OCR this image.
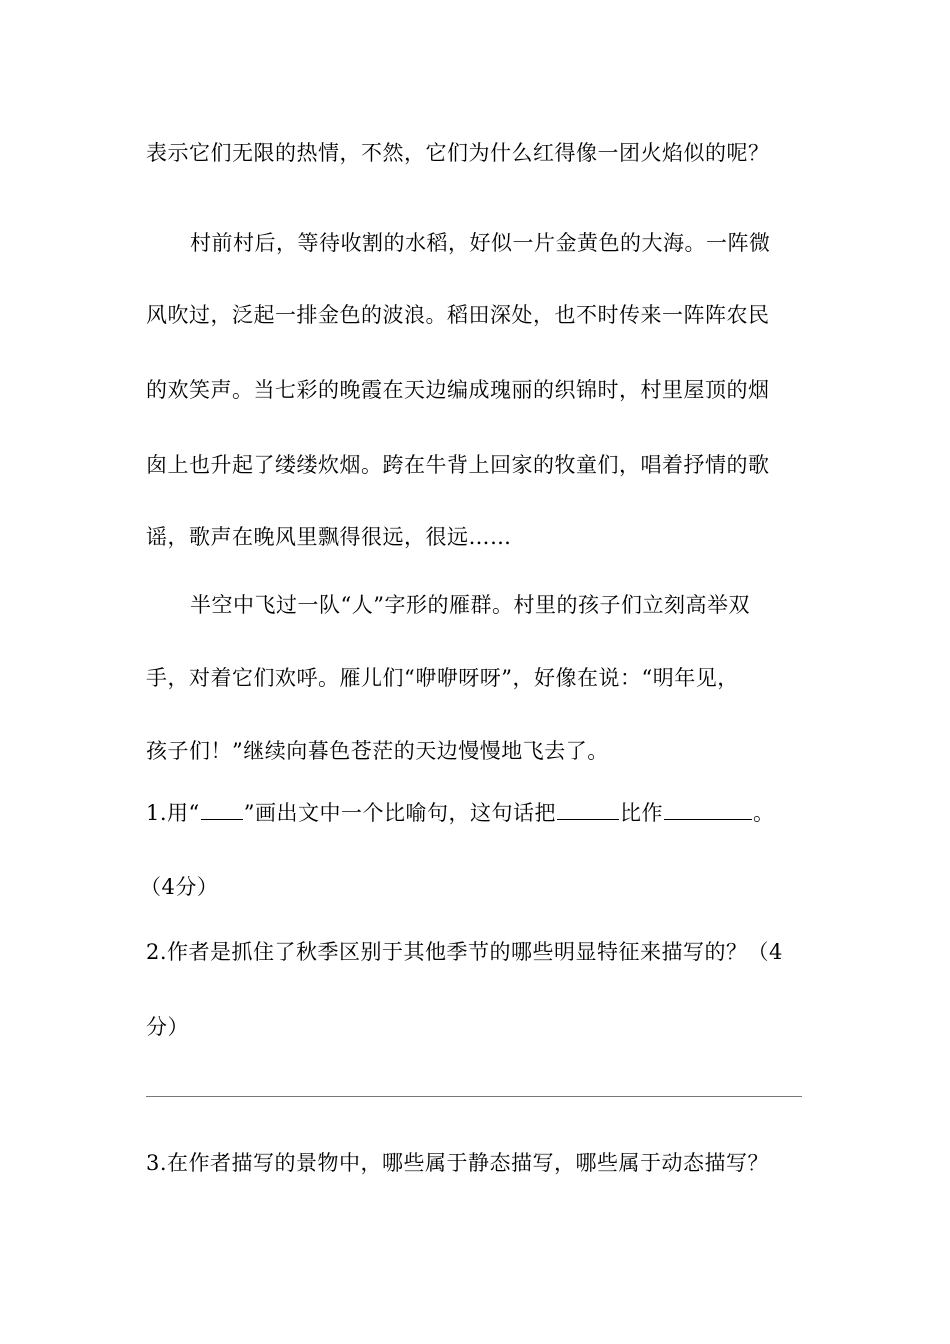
表示它们无限的热情，不然，它们为什么红得像一团火焰似的呢？
村前村后，等待收割的水稻，好似一片金黄色的大海。一阵微
风吹过，泛起一排金色的波浪。稻田深处，也不时传来一阵阵农民
的欢笑声。当七彩的晚霞在天边编成瑰丽的织锦时，村里屋顶的烟
囱上也升起了缕缕炊烟。跨在牛背上回家的牧童们，唱着抒情的歌
谣，歌声在晚风里飘得很远，很远……
半空中飞过一队“人”字形的雁群。村里的孩子们立刻高举双
手，对着它们欢呼。雁儿们“咿咿呀呀”，好像在说：“明年见，
孩子们！”继续向暮色苍茫的天边慢慢地飞去了。
1.用“ ”画出文中一个比喻句，这句话把	比作	。
（4分）
2.作者是抓住了秋季区别于其他季节的哪些明显特征来描写的？（4
分）
3.在作者描写的景物中，哪些属于静态描写，哪些属于动态描写？
